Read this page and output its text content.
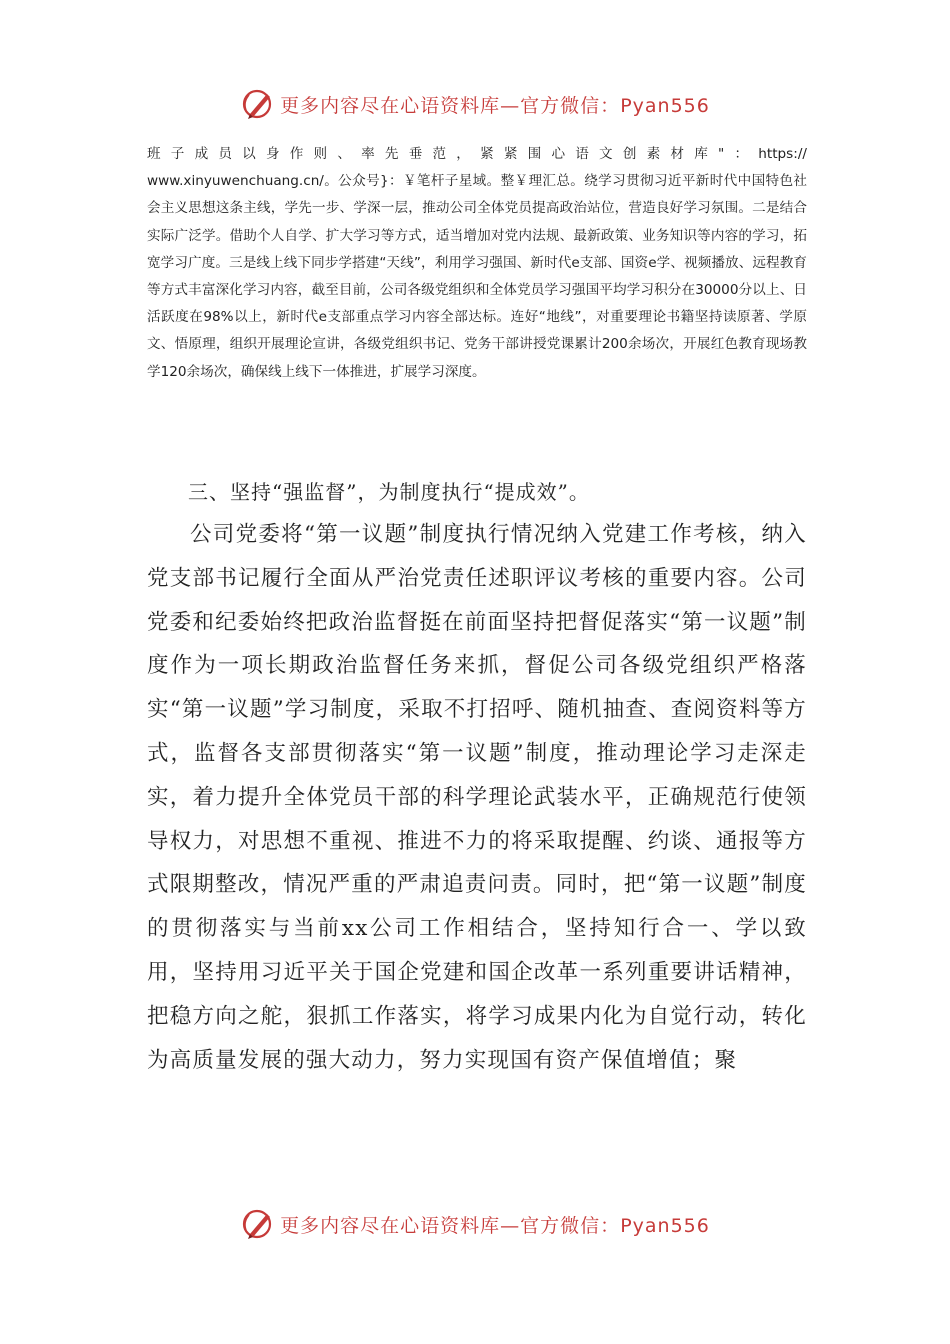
更多内容尽在心语资料库—官方微信：Pyan556
班子成员以身作则、率先垂范，紧紧围心语文创素材库"：https://
www.xinyuwenchuang.cn/。公众号}：￥笔杆子星域。整￥理汇总。绕学习贯彻习近平新时代中国特色社会主义思想这条主线，学先一步、学深一层，推动公司全体党员提高政治站位，营造良好学习氛围。二是结合实际广泛学。借助个人自学、扩大学习等方式，适当增加对党内法规、最新政策、业务知识等内容的学习，拓宽学习广度。三是线上线下同步学搭建“天线”，利用学习强国、新时代e支部、国资e学、视频播放、远程教育等方式丰富深化学习内容，截至目前，公司各级党组织和全体党员学习强国平均学习积分在30000分以上、日活跃度在98%以上，新时代e支部重点学习内容全部达标。连好“地线”，对重要理论书籍坚持读原著、学原文、悟原理，组织开展理论宣讲，各级党组织书记、党务干部讲授党课累计200余场次，开展红色教育现场教学120余场次，确保线上线下一体推进，扩展学习深度。
三、坚持“强监督”，为制度执行“提成效”。
公司党委将“第一议题”制度执行情况纳入党建工作考核，纳入党支部书记履行全面从严治党责任述职评议考核的重要内容。公司党委和纪委始终把政治监督挺在前面坚持把督促落实“第一议题”制度作为一项长期政治监督任务来抓，督促公司各级党组织严格落实“第一议题”学习制度，采取不打招呼、随机抽查、查阅资料等方式，监督各支部贯彻落实“第一议题”制度，推动理论学习走深走实，着力提升全体党员干部的科学理论武装水平，正确规范行使领导权力，对思想不重视、推进不力的将采取提醒、约谈、通报等方式限期整改，情况严重的严肃追责问责。同时，把“第一议题”制度的贯彻落实与当前xx公司工作相结合，坚持知行合一、学以致用，坚持用习近平关于国企党建和国企改革一系列重要讲话精神，把稳方向之舵，狠抓工作落实，将学习成果内化为自觉行动，转化为高质量发展的强大动力，努力实现国有资产保值增值；聚
更多内容尽在心语资料库—官方微信：Pyan556
